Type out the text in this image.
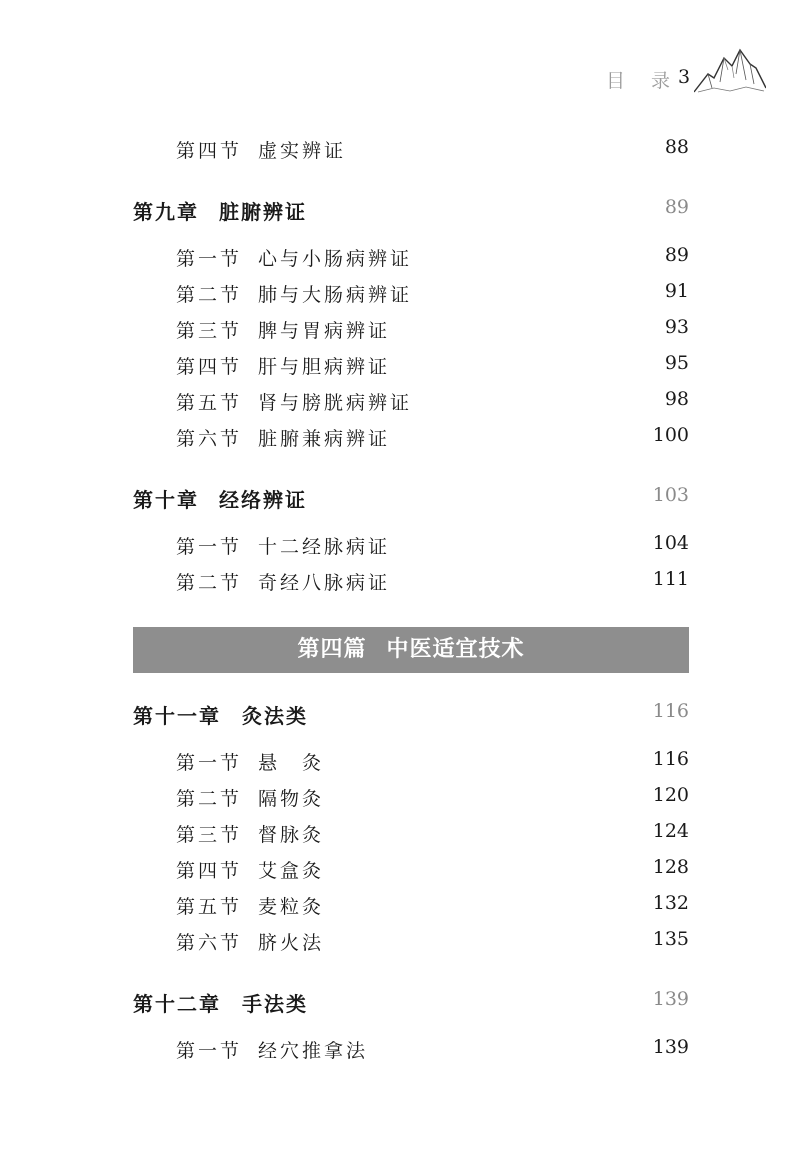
目 录
3
第四节 虚实辨证	88
第九章 脏腑辨证	89
第一节 心与小肠病辨证	89
第二节 肺与大肠病辨证	91
第三节 脾与胃病辨证	93
第四节 肝与胆病辨证	95
第五节 肾与膀胱病辨证	98
第六节 脏腑兼病辨证	100
第十章 经络辨证	103
第一节 十二经脉病证	104
第二节 奇经八脉病证	111
第四篇 中医适宜技术
第十一章 灸法类	116
第一节 悬　灸	116
第二节 隔物灸	120
第三节 督脉灸	124
第四节 艾盒灸	128
第五节 麦粒灸	132
第六节 脐火法	135
第十二章 手法类	139
第一节 经穴推拿法	139
